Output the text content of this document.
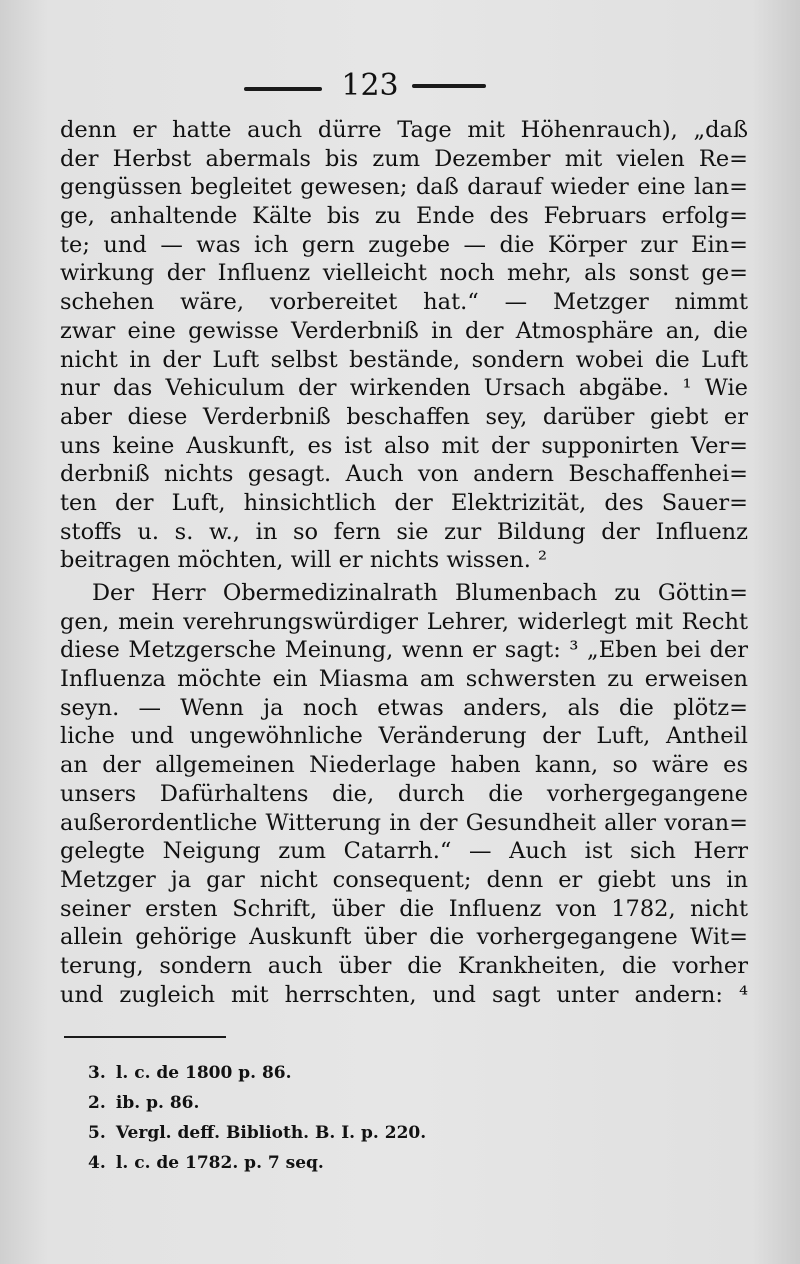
123
denn er hatte auch dürre Tage mit Höhenrauch), „daß
der Herbst abermals bis zum Dezember mit vielen Re=
gengüssen begleitet gewesen; daß darauf wieder eine lan=
ge, anhaltende Kälte bis zu Ende des Februars erfolg=
te; und — was ich gern zugebe — die Körper zur Ein=
wirkung der Influenz vielleicht noch mehr, als sonst ge=
schehen wäre, vorbereitet hat.“ — Metzger nimmt
zwar eine gewisse Verderbniß in der Atmosphäre an, die
nicht in der Luft selbst bestände, sondern wobei die Luft
nur das Vehiculum der wirkenden Ursach abgäbe. ¹ Wie
aber diese Verderbniß beschaffen sey, darüber giebt er
uns keine Auskunft, es ist also mit der supponirten Ver=
derbniß nichts gesagt. Auch von andern Beschaffenhei=
ten der Luft, hinsichtlich der Elektrizität, des Sauer=
stoffs u. s. w., in so fern sie zur Bildung der Influenz
beitragen möchten, will er nichts wissen. ²
Der Herr Obermedizinalrath Blumenbach zu Göttin=
gen, mein verehrungswürdiger Lehrer, widerlegt mit Recht
diese Metzgersche Meinung, wenn er sagt: ³ „Eben bei der
Influenza möchte ein Miasma am schwersten zu erweisen
seyn. — Wenn ja noch etwas anders, als die plötz=
liche und ungewöhnliche Veränderung der Luft, Antheil
an der allgemeinen Niederlage haben kann, so wäre es
unsers Dafürhaltens die, durch die vorhergegangene
außerordentliche Witterung in der Gesundheit aller voran=
gelegte Neigung zum Catarrh.“ — Auch ist sich Herr
Metzger ja gar nicht consequent; denn er giebt uns in
seiner ersten Schrift, über die Influenz von 1782, nicht
allein gehörige Auskunft über die vorhergegangene Wit=
terung, sondern auch über die Krankheiten, die vorher
und zugleich mit herrschten, und sagt unter andern: ⁴
3. l. c. de 1800 p. 86.
2. ib. p. 86.
5. Vergl. deff. Biblioth. B. I. p. 220.
4. l. c. de 1782. p. 7 seq.
